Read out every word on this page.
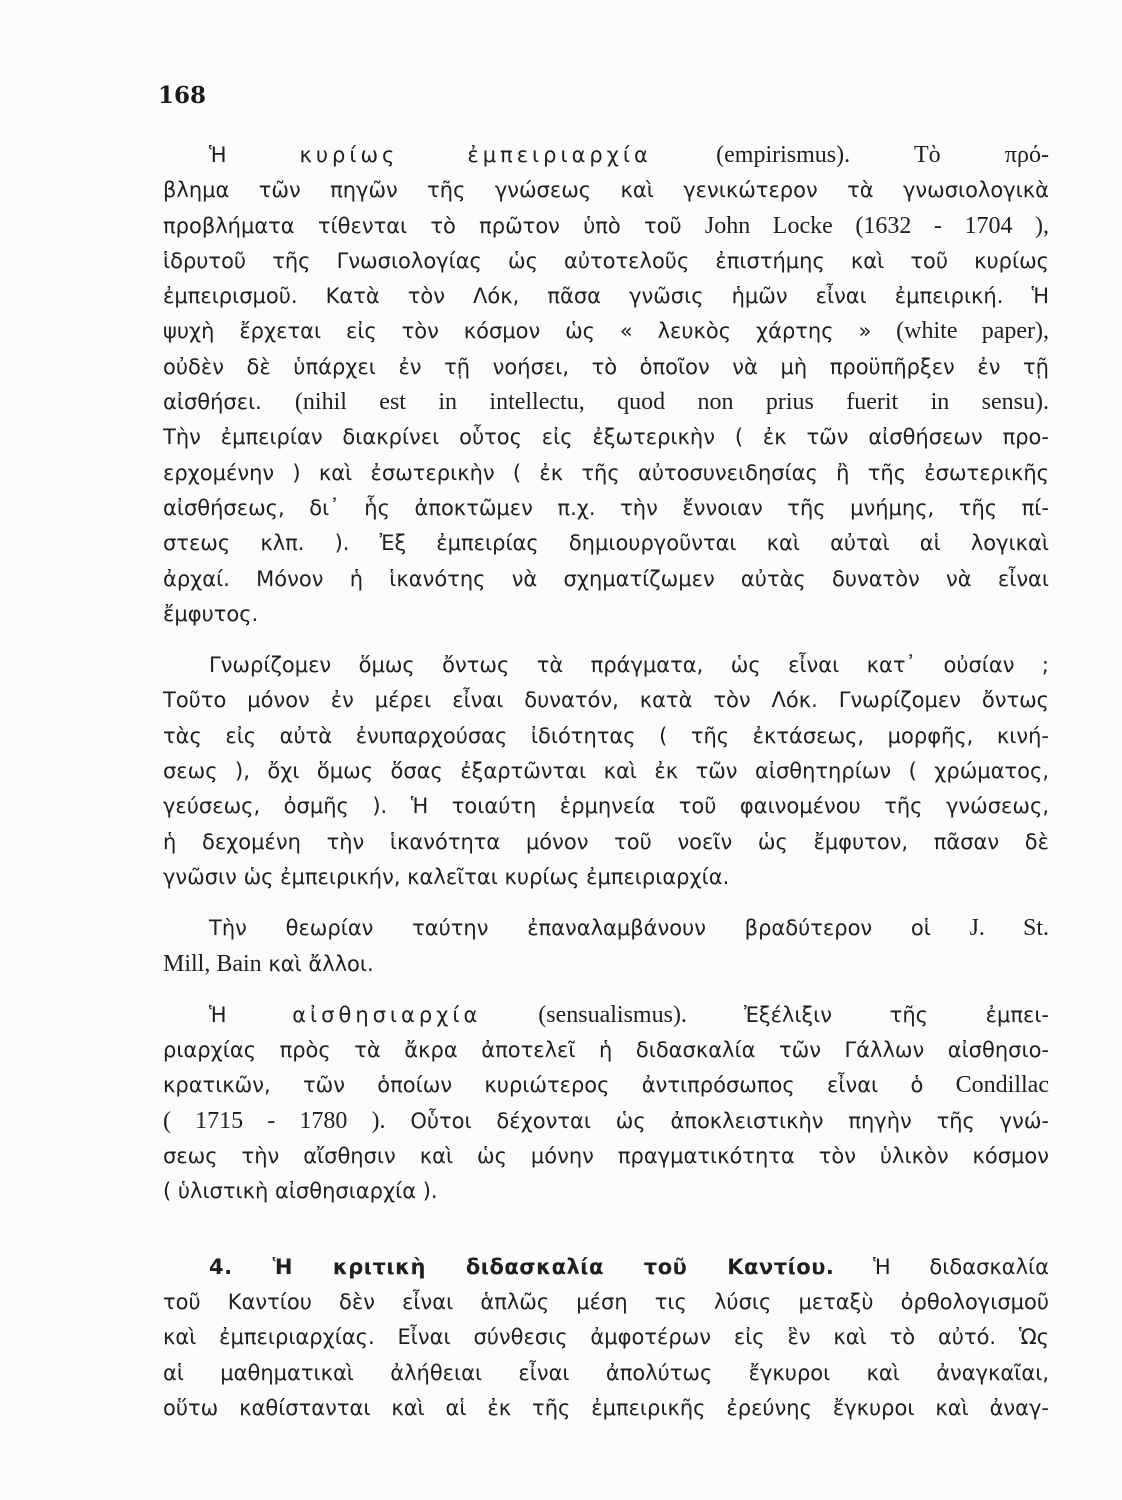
168
Ἡ κυρίως ἐμπειριαρχία (empirismus). Τὸ πρό-
βλημα τῶν πηγῶν τῆς γνώσεως καὶ γενικώτερον τὰ γνωσιολογικὰ
προβλήματα τίθενται τὸ πρῶτον ὑπὸ τοῦ John Locke (1632 - 1704 ),
ἱδρυτοῦ τῆς Γνωσιολογίας ὡς αὐτοτελοῦς ἐπιστήμης καὶ τοῦ κυρίως
ἐμπειρισμοῦ. Κατὰ τὸν Λόκ, πᾶσα γνῶσις ἡμῶν εἶναι ἐμπειρική. Ἡ
ψυχὴ ἔρχεται εἰς τὸν κόσμον ὡς « λευκὸς χάρτης » (white paper),
οὐδὲν δὲ ὑπάρχει ἐν τῇ νοήσει, τὸ ὁποῖον νὰ μὴ προϋπῆρξεν ἐν τῇ
αἰσθήσει. (nihil est in intellectu, quod non prius fuerit in sensu).
Τὴν ἐμπειρίαν διακρίνει οὗτος εἰς ἐξωτερικὴν ( ἐκ τῶν αἰσθήσεων προ-
ερχομένην ) καὶ ἐσωτερικὴν ( ἐκ τῆς αὐτοσυνειδησίας ἢ τῆς ἐσωτερικῆς
αἰσθήσεως, δι᾽ ἧς ἀποκτῶμεν π.χ. τὴν ἔννοιαν τῆς μνήμης, τῆς πί-
στεως κλπ. ). Ἐξ ἐμπειρίας δημιουργοῦνται καὶ αὐταὶ αἱ λογικαὶ
ἀρχαί. Μόνον ἡ ἱκανότης νὰ σχηματίζωμεν αὐτὰς δυνατὸν νὰ εἶναι
ἔμφυτος.
Γνωρίζομεν ὅμως ὄντως τὰ πράγματα, ὡς εἶναι κατ᾽ οὐσίαν ;
Τοῦτο μόνον ἐν μέρει εἶναι δυνατόν, κατὰ τὸν Λόκ. Γνωρίζομεν ὄντως
τὰς εἰς αὐτὰ ἐνυπαρχούσας ἰδιότητας ( τῆς ἐκτάσεως, μορφῆς, κινή-
σεως ), ὄχι ὅμως ὅσας ἐξαρτῶνται καὶ ἐκ τῶν αἰσθητηρίων ( χρώματος,
γεύσεως, ὀσμῆς ). Ἡ τοιαύτη ἑρμηνεία τοῦ φαινομένου τῆς γνώσεως,
ἡ δεχομένη τὴν ἱκανότητα μόνον τοῦ νοεῖν ὡς ἔμφυτον, πᾶσαν δὲ
γνῶσιν ὡς ἐμπειρικήν, καλεῖται κυρίως ἐμπειριαρχία.
Τὴν θεωρίαν ταύτην ἐπαναλαμβάνουν βραδύτερον οἱ J. St.
Mill, Bain καὶ ἄλλοι.
Ἡ αἰσθησιαρχία (sensualismus). Ἐξέλιξιν τῆς ἐμπει-
ριαρχίας πρὸς τὰ ἄκρα ἀποτελεῖ ἡ διδασκαλία τῶν Γάλλων αἰσθησιο-
κρατικῶν, τῶν ὁποίων κυριώτερος ἀντιπρόσωπος εἶναι ὁ Condillac
( 1715 - 1780 ). Οὗτοι δέχονται ὡς ἀποκλειστικὴν πηγὴν τῆς γνώ-
σεως τὴν αἴσθησιν καὶ ὡς μόνην πραγματικότητα τὸν ὑλικὸν κόσμον
( ὑλιστικὴ αἰσθησιαρχία ).
4. Ἡ κριτικὴ διδασκαλία τοῦ Καντίου. Ἡ διδασκαλία
τοῦ Καντίου δὲν εἶναι ἁπλῶς μέση τις λύσις μεταξὺ ὀρθολογισμοῦ
καὶ ἐμπειριαρχίας. Εἶναι σύνθεσις ἀμφοτέρων εἰς ἓν καὶ τὸ αὐτό. Ὡς
αἱ μαθηματικαὶ ἀλήθειαι εἶναι ἀπολύτως ἔγκυροι καὶ ἀναγκαῖαι,
οὕτω καθίστανται καὶ αἱ ἐκ τῆς ἐμπειρικῆς ἐρεύνης ἔγκυροι καὶ ἀναγ-
